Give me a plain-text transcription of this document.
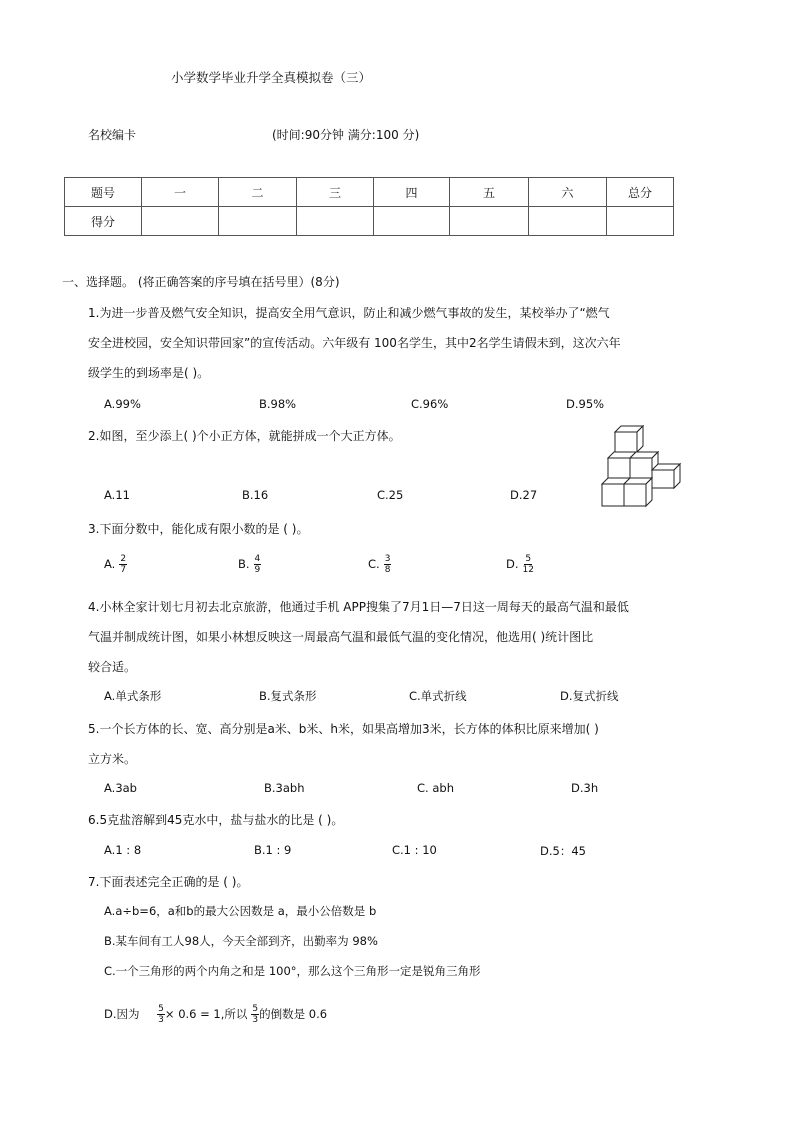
小学数学毕业升学全真模拟卷（三）
名校编卡	(时间:90分钟 满分:100 分)
题号	一	二	三	四	五	六	总分
得分							
一、选择题。 (将正确答案的序号填在括号里）(8分)
1.为进一步普及燃气安全知识，提高安全用气意识，防止和减少燃气事故的发生，某校举办了“燃气
安全进校园，安全知识带回家”的宣传活动。六年级有 100名学生，其中2名学生请假未到，这次六年
级学生的到场率是( )。
A.99%	B.98%	C.96%	D.95%
2.如图，至少添上( )个小正方体，就能拼成一个大正方体。
A.11	B.16	C.25	D.27
3.下面分数中，能化成有限小数的是 ( )。
A. $\frac{2}{7}$	B. $\frac{4}{9}$	C. $\frac{3}{8}$	D. $\frac{5}{12}$
4.小林全家计划七月初去北京旅游，他通过手机 APP搜集了7月1日—7日这一周每天的最高气温和最低
气温并制成统计图，如果小林想反映这一周最高气温和最低气温的变化情况，他选用( )统计图比
较合适。
A.单式条形	B.复式条形	C.单式折线	D.复式折线
5.一个长方体的长、宽、高分别是a米、b米、h米，如果高增加3米，长方体的体积比原来增加( )
立方米。
A.3ab	B.3abh	C. abh	D.3h
6.5克盐溶解到45克水中，盐与盐水的比是 ( )。
A.1 : 8	B.1 : 9	C.1 : 10	D.5：45
7.下面表述完全正确的是 ( )。
A.a÷b=6，a和b的最大公因数是 a，最小公倍数是 b
B.某车间有工人98人，今天全部到齐，出勤率为 98%
C.一个三角形的两个内角之和是 100°，那么这个三角形一定是锐角三角形
D.因为 $\frac{5}{3} \times 0.6 = 1$,所以 $\frac{5}{3}$ 的倒数是 0.6
